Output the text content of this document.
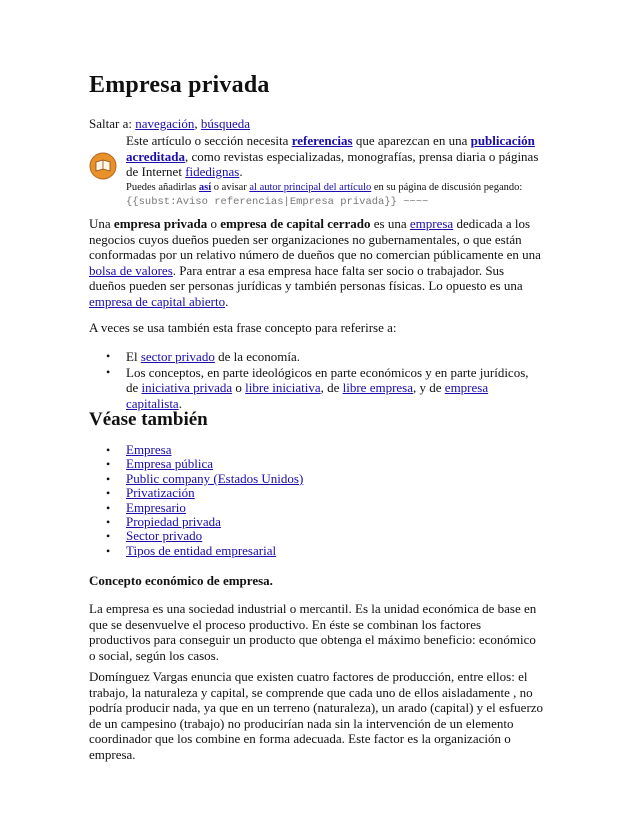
Empresa privada
Saltar a: navegación, búsqueda

Este artículo o sección necesita referencias que aparezcan en una publicación acreditada, como revistas especializadas, monografías, prensa diaria o páginas de Internet fidedignas.

Puedes añadirlas así o avisar al autor principal del artículo en su página de discusión pegando:

{{subst:Aviso referencias|Empresa privada}} ~~~~

Una empresa privada o empresa de capital cerrado es una empresa dedicada a los negocios cuyos dueños pueden ser organizaciones no gubernamentales, o que están conformadas por un relativo número de dueños que no comercian públicamente en una bolsa de valores. Para entrar a esa empresa hace falta ser socio o trabajador. Sus dueños pueden ser personas jurídicas y también personas físicas. Lo opuesto es una empresa de capital abierto.

A veces se usa también esta frase concepto para referirse a:

• El sector privado de la economía.
• Los conceptos, en parte ideológicos en parte económicos y en parte jurídicos, de iniciativa privada o libre iniciativa, de libre empresa, y de empresa capitalista.
Véase también
• Empresa
• Empresa pública
• Public company (Estados Unidos)
• Privatización
• Empresario
• Propiedad privada
• Sector privado
• Tipos de entidad empresarial

Concepto económico de empresa.

La empresa es una sociedad industrial o mercantil. Es la unidad económica de base en que se desenvuelve el proceso productivo. En éste se combinan los factores productivos para conseguir un producto que obtenga el máximo beneficio: económico o social, según los casos.

Domínguez Vargas enuncia que existen cuatro factores de producción, entre ellos: el trabajo, la naturaleza y capital, se comprende que cada uno de ellos aisladamente , no podría producir nada, ya que en un terreno (naturaleza), un arado (capital) y el esfuerzo de un campesino (trabajo) no producirían nada sin la intervención de un elemento coordinador que los combine en forma adecuada. Este factor es la organización o empresa.
